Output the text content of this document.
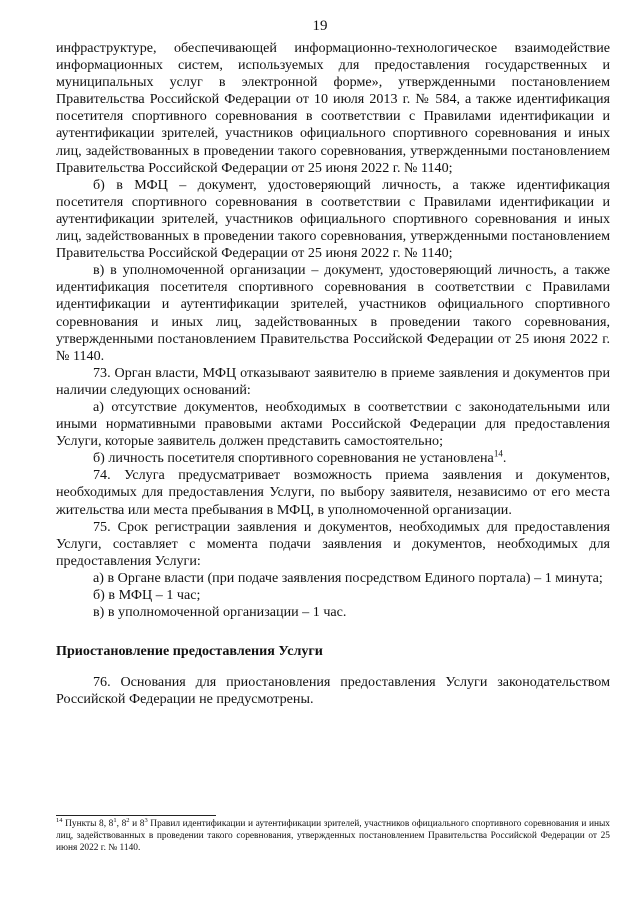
19

инфраструктуре, обеспечивающей информационно-технологическое взаимодействие информационных систем, используемых для предоставления государственных и муниципальных услуг в электронной форме», утвержденными постановлением Правительства Российской Федерации от 10 июля 2013 г. № 584, а также идентификация посетителя спортивного соревнования в соответствии с Правилами идентификации и аутентификации зрителей, участников официального спортивного соревнования и иных лиц, задействованных в проведении такого соревнования, утвержденными постановлением Правительства Российской Федерации от 25 июня 2022 г. № 1140;

б) в МФЦ – документ, удостоверяющий личность, а также идентификация посетителя спортивного соревнования в соответствии с Правилами идентификации и аутентификации зрителей, участников официального спортивного соревнования и иных лиц, задействованных в проведении такого соревнования, утвержденными постановлением Правительства Российской Федерации от 25 июня 2022 г. № 1140;

в) в уполномоченной организации – документ, удостоверяющий личность, а также идентификация посетителя спортивного соревнования в соответствии с Правилами идентификации и аутентификации зрителей, участников официального спортивного соревнования и иных лиц, задействованных в проведении такого соревнования, утвержденными постановлением Правительства Российской Федерации от 25 июня 2022 г. № 1140.

73. Орган власти, МФЦ отказывают заявителю в приеме заявления и документов при наличии следующих оснований:

а) отсутствие документов, необходимых в соответствии с законодательными или иными нормативными правовыми актами Российской Федерации для предоставления Услуги, которые заявитель должен представить самостоятельно;

б) личность посетителя спортивного соревнования не установлена$^{14}$.

74. Услуга предусматривает возможность приема заявления и документов, необходимых для предоставления Услуги, по выбору заявителя, независимо от его места жительства или места пребывания в МФЦ, в уполномоченной организации.

75. Срок регистрации заявления и документов, необходимых для предоставления Услуги, составляет с момента подачи заявления и документов, необходимых для предоставления Услуги:

а) в Органе власти (при подаче заявления посредством Единого портала) – 1 минута;

б) в МФЦ – 1 час;

в) в уполномоченной организации – 1 час.

Приостановление предоставления Услуги

76. Основания для приостановления предоставления Услуги законодательством Российской Федерации не предусмотрены.

$^{14}$ Пункты 8, $8^1$, $8^2$ и $8^3$ Правил идентификации и аутентификации зрителей, участников официального спортивного соревнования и иных лиц, задействованных в проведении такого соревнования, утвержденных постановлением Правительства Российской Федерации от 25 июня 2022 г. № 1140.
